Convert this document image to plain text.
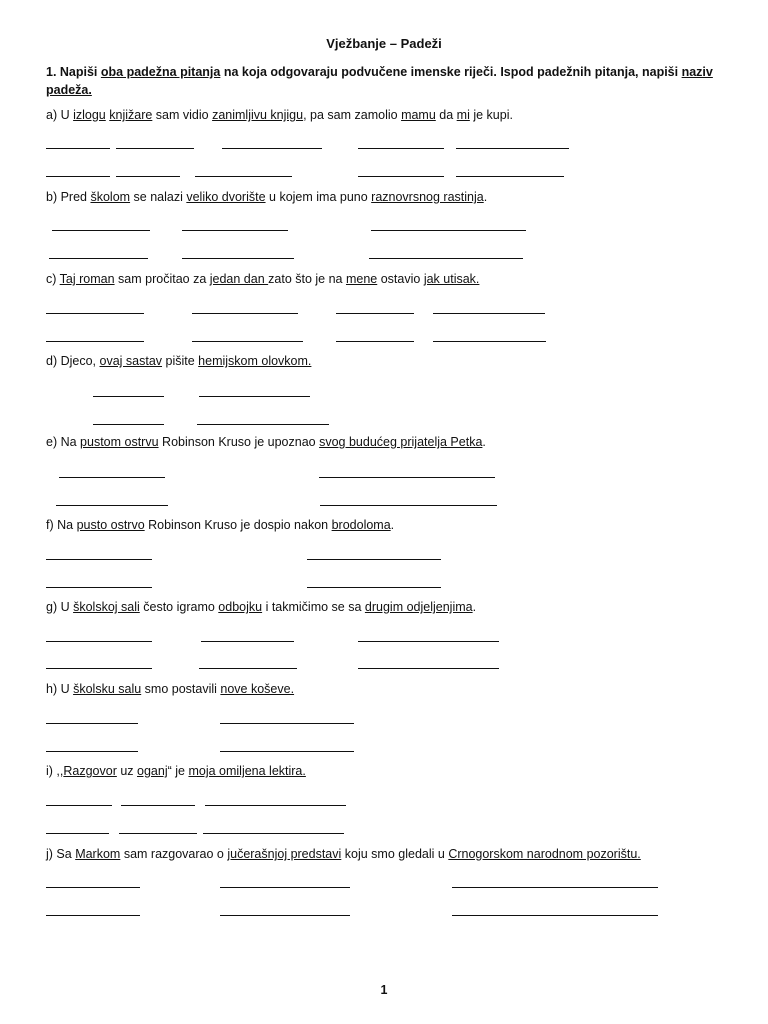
Vježbanje – Padeži
1. Napiši oba padežna pitanja na koja odgovaraju podvučene imenske riječi. Ispod padežnih pitanja, napiši naziv padeža.
a) U izlogu knjižare sam vidio zanimljivu knjigu, pa sam zamolio mamu da mi je kupi.
b) Pred školom se nalazi veliko dvorište u kojem ima puno raznovrsnog rastinja.
c) Taj roman sam pročitao za jedan dan zato što je na mene ostavio jak utisak.
d) Djeco, ovaj sastav pišite hemijskom olovkom.
e) Na pustom ostrvu Robinson Kruso je upoznao svog budućeg prijatelja Petka.
f) Na pusto ostrvo Robinson Kruso je dospio nakon brodoloma.
g) U školskoj sali često igramo odbojku i takmičimo se sa drugim odjeljenjima.
h) U školsku salu smo postavili nove koševe.
i) ,,Razgovor uz oganj“ je moja omiljena lektira.
j) Sa Markom sam razgovarao o jučerašnjoj predstavi koju smo gledali u Crnogorskom narodnom pozorištu.
1
